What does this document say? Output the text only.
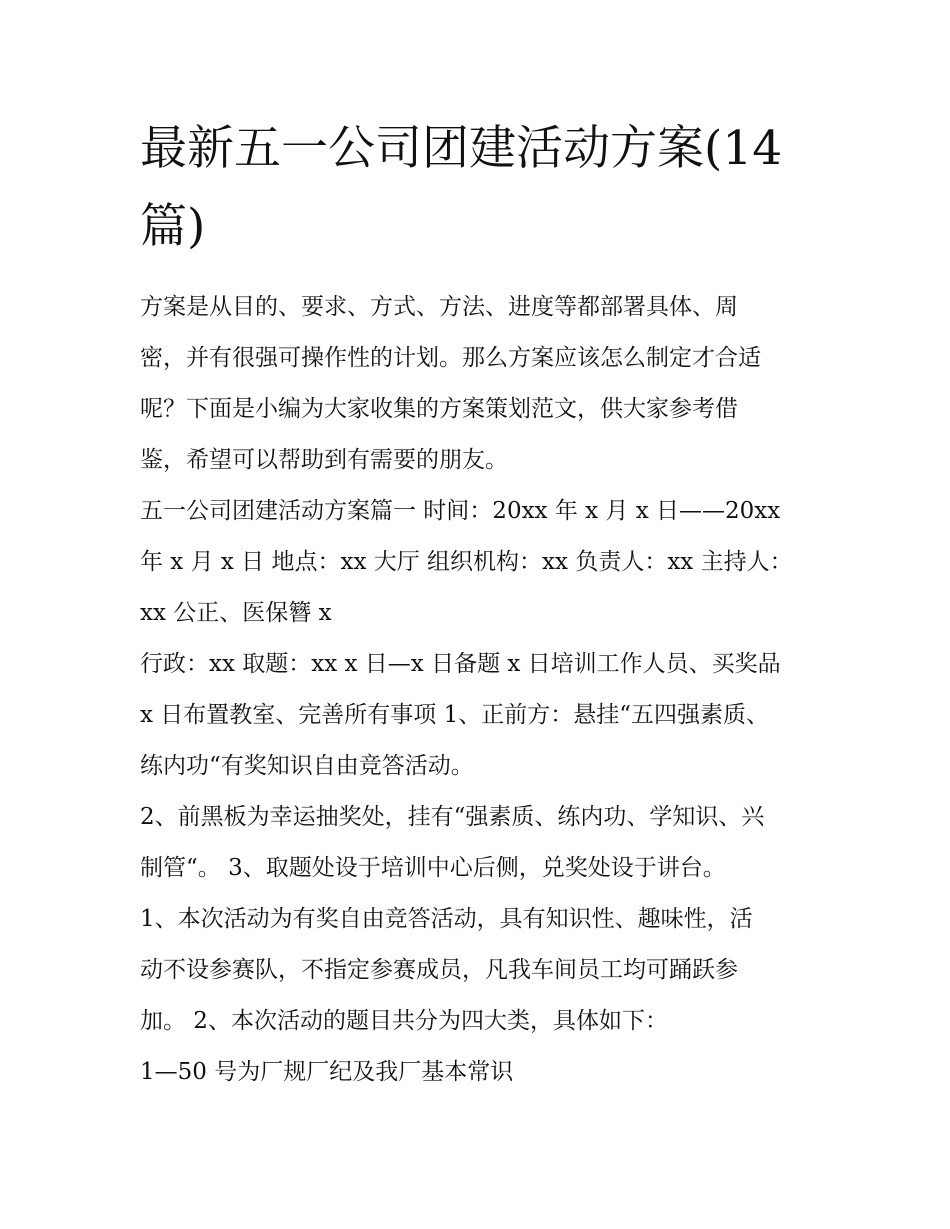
最新五一公司团建活动方案(14
篇)
方案是从目的、要求、方式、方法、进度等都部署具体、周
密，并有很强可操作性的计划。那么方案应该怎么制定才合适
呢？下面是小编为大家收集的方案策划范文，供大家参考借
鉴，希望可以帮助到有需要的朋友。
五一公司团建活动方案篇一 时间：20xx 年 x 月 x 日——20xx
年 x 月 x 日 地点：xx 大厅 组织机构：xx 负责人：xx 主持人：
xx 公正、医保簪 x
行政：xx 取题：xx x 日—x 日备题 x 日培训工作人员、买奖品
x 日布置教室、完善所有事项 1、正前方：悬挂“五四强素质、
练内功“有奖知识自由竞答活动。
2、前黑板为幸运抽奖处，挂有“强素质、练内功、学知识、兴
制管“。 3、取题处设于培训中心后侧，兑奖处设于讲台。
1、本次活动为有奖自由竞答活动，具有知识性、趣味性，活
动不设参赛队，不指定参赛成员，凡我车间员工均可踊跃参
加。 2、本次活动的题目共分为四大类，具体如下：
1—50 号为厂规厂纪及我厂基本常识
